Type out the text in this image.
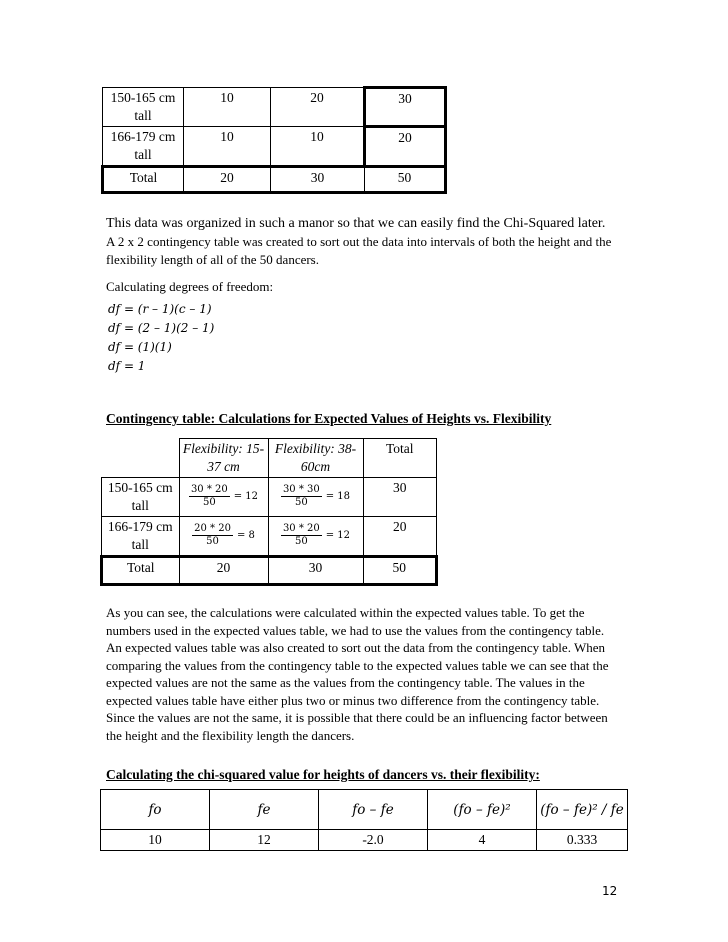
150-165 cm tall	10	20	30
166-179 cm tall	10	10	20
Total	20	30	50

This data was organized in such a manor so that we can easily find the Chi-Squared later.

A 2 x 2 contingency table was created to sort out the data into intervals of both the height and the flexibility length of all of the 50 dancers.

Calculating degrees of freedom:

df = (r – 1)(c – 1)
df = (2 – 1)(2 – 1)
df = (1)(1)
df = 1
Contingency table: Calculations for Expected Values of Heights vs. Flexibility
	Flexibility: 15-37 cm	Flexibility: 38-60cm	Total
150-165 cm tall	$\frac{30 * 20}{50} = 12$	$\frac{30 * 30}{50} = 18$	30
166-179 cm tall	$\frac{20 * 20}{50} = 8$	$\frac{30 * 20}{50} = 12$	20
Total	20	30	50

As you can see, the calculations were calculated within the expected values table. To get the numbers used in the expected values table, we had to use the values from the contingency table. An expected values table was also created to sort out the data from the contingency table. When comparing the values from the contingency table to the expected values table we can see that the expected values are not the same as the values from the contingency table. The values in the expected values table have either plus two or minus two difference from the contingency table. Since the values are not the same, it is possible that there could be an influencing factor between the height and the flexibility length the dancers.

Calculating the chi-squared value for heights of dancers vs. their flexibility:
fo	fe	fo – fe	(fo – fe)²	(fo – fe)² / fe
10	12	-2.0	4	0.333
12
